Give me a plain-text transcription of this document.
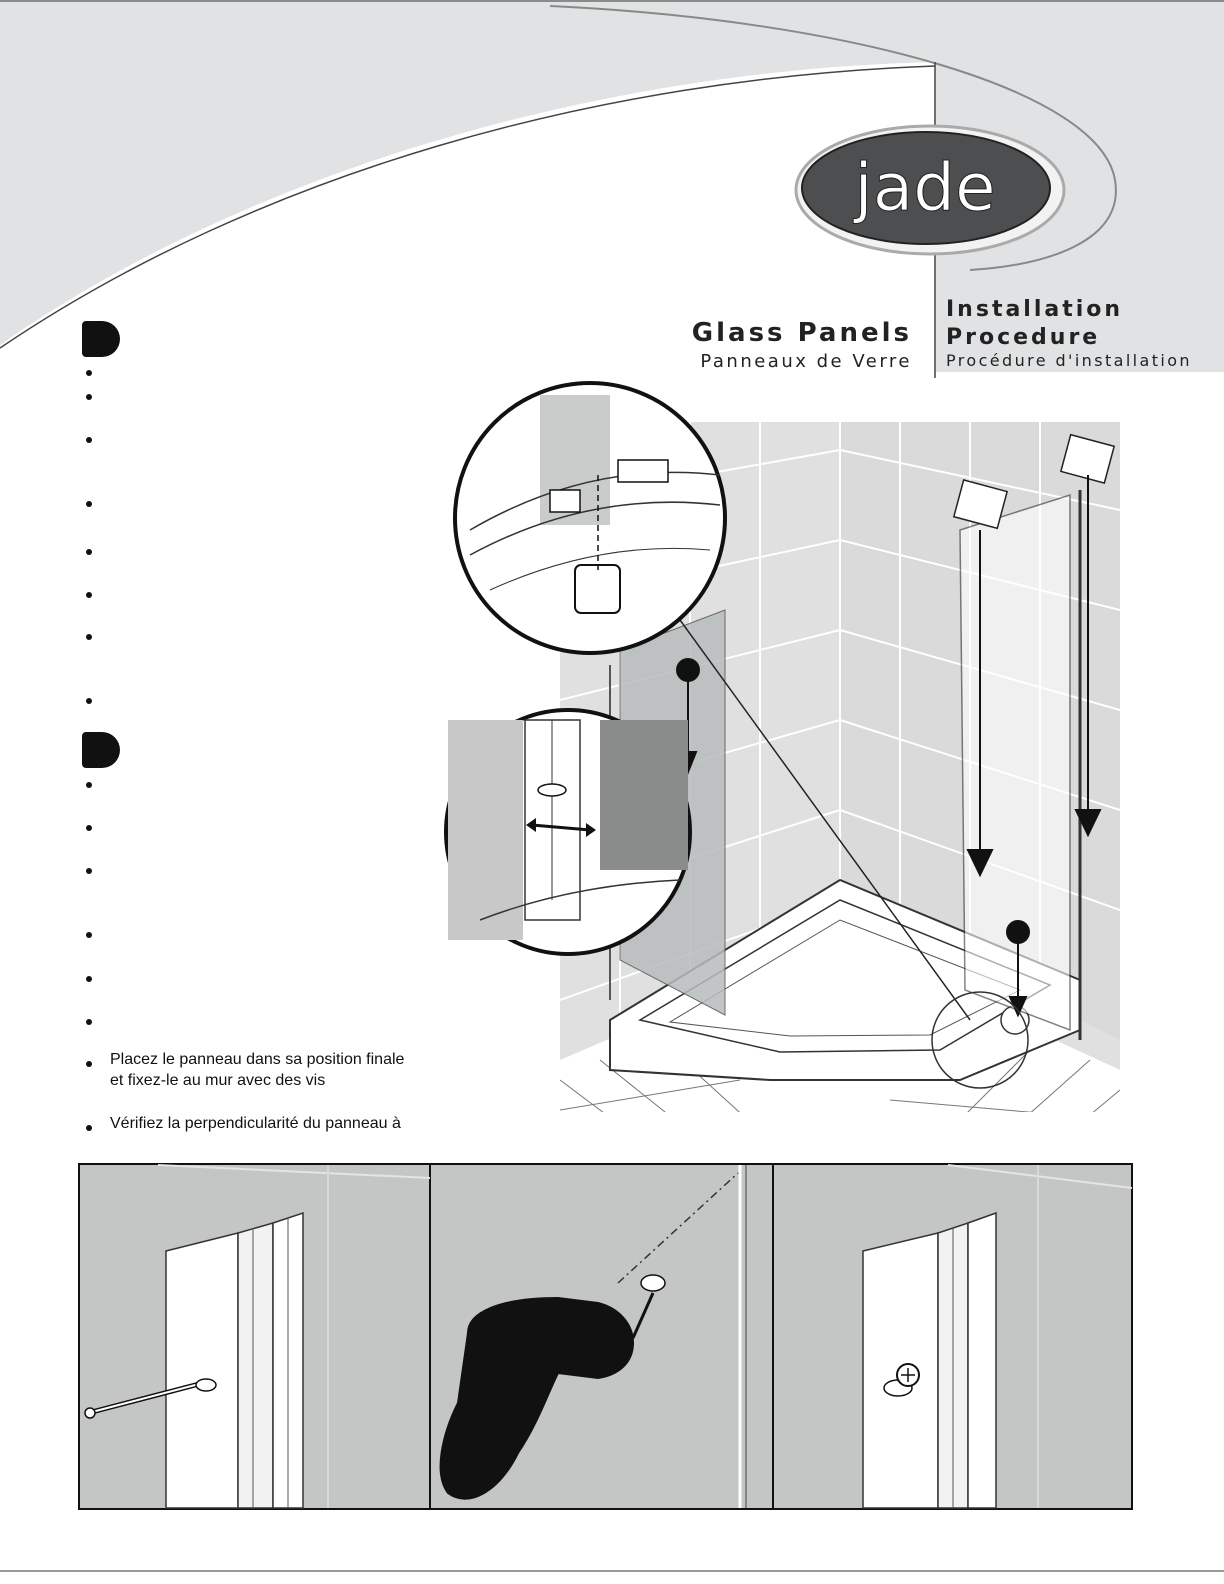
jade
Glass Panels
Panneaux de Verre
Installation
Procedure
Procédure d'installation
Placez le panneau dans sa position finale
et fixez-le au mur avec des vis
Vérifiez la perpendicularité du panneau à
